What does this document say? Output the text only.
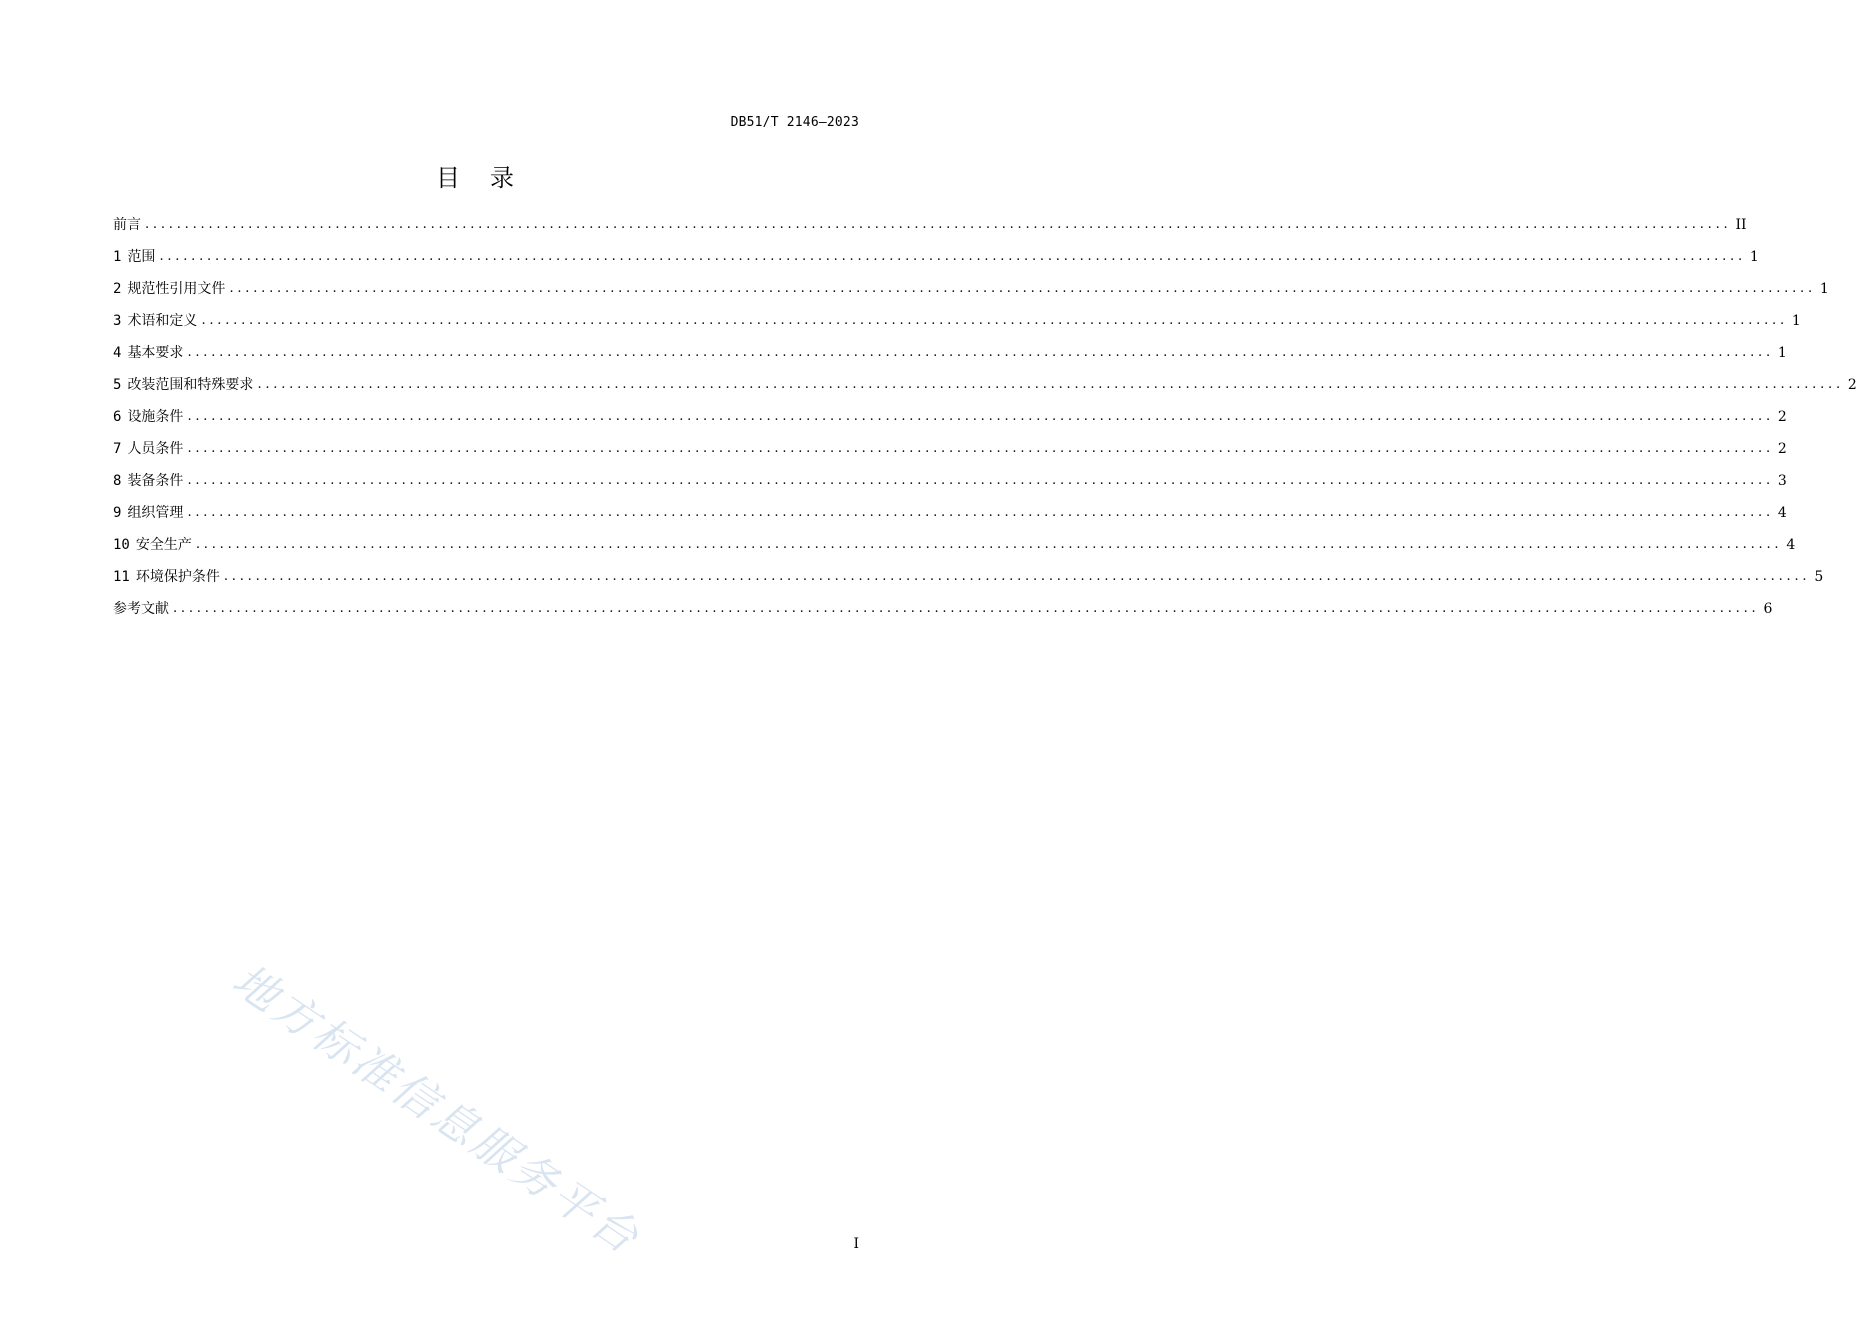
DB51/T 2146—2023
目录
前言 ........................................................................................................................................................................................................ II
1 范围 ........................................................................................................................................................................................................ 1
2 规范性引用文件 ........................................................................................................................................................................................................ 1
3 术语和定义 ........................................................................................................................................................................................................ 1
4 基本要求 ........................................................................................................................................................................................................ 1
5 改装范围和特殊要求 ........................................................................................................................................................................................................ 2
6 设施条件 ........................................................................................................................................................................................................ 2
7 人员条件 ........................................................................................................................................................................................................ 2
8 装备条件 ........................................................................................................................................................................................................ 3
9 组织管理 ........................................................................................................................................................................................................ 4
10 安全生产 ........................................................................................................................................................................................................ 4
11 环境保护条件 ........................................................................................................................................................................................................ 5
参考文献 ........................................................................................................................................................................................................ 6
地方标准信息服务平台	I
